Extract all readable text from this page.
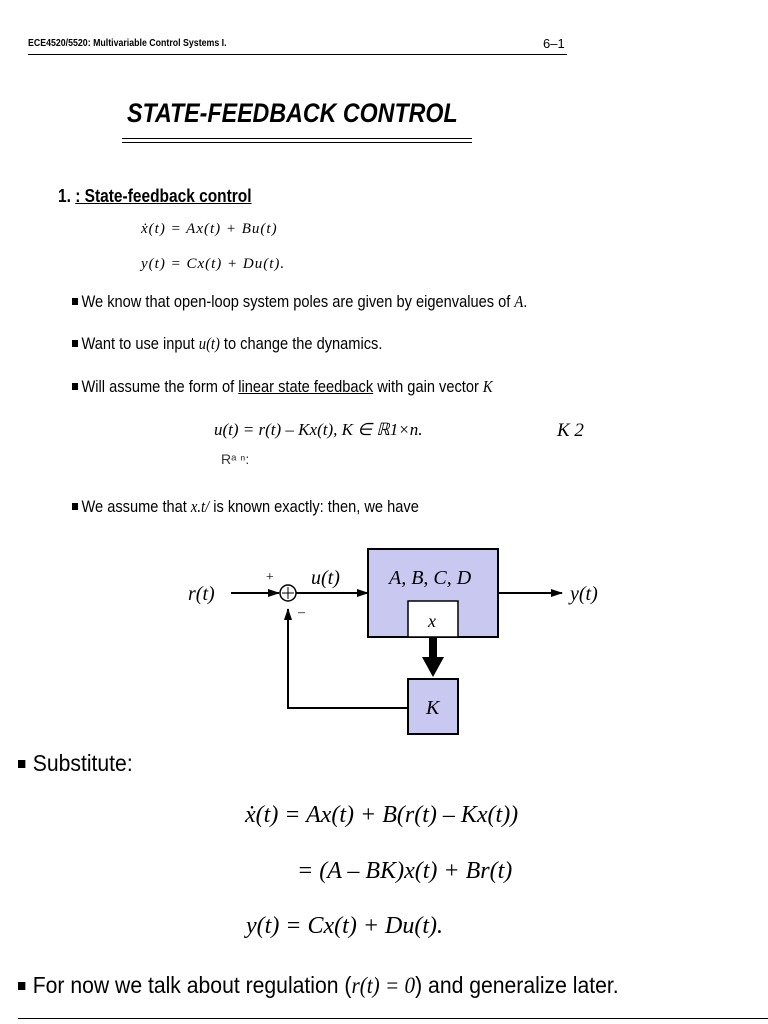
ECE4520/5520: Multivariable Control Systems I.	6–1
STATE-FEEDBACK CONTROL
1. : State-feedback control
ẋ(t) = Ax(t) + Bu(t)
y(t) = Cx(t) + Du(t).
We know that open-loop system poles are given by eigenvalues of A.
Want to use input u(t) to change the dynamics.
Will assume the form of linear state feedback with gain vector K
u(t) = r(t) – Kx(t), K ∈ ℝ1×n.	K 2
Rᵃ ⁿ:
We assume that x.t/ is known exactly: then, we have
r(t)
+
–
u(t) A, B, C, D
x
y(t)
K
Substitute:
ẋ(t) = Ax(t) + B(r(t) – Kx(t))
= (A – BK)x(t) + Br(t)
y(t) = Cx(t) + Du(t).
For now we talk about regulation (r(t) = 0) and generalize later.
